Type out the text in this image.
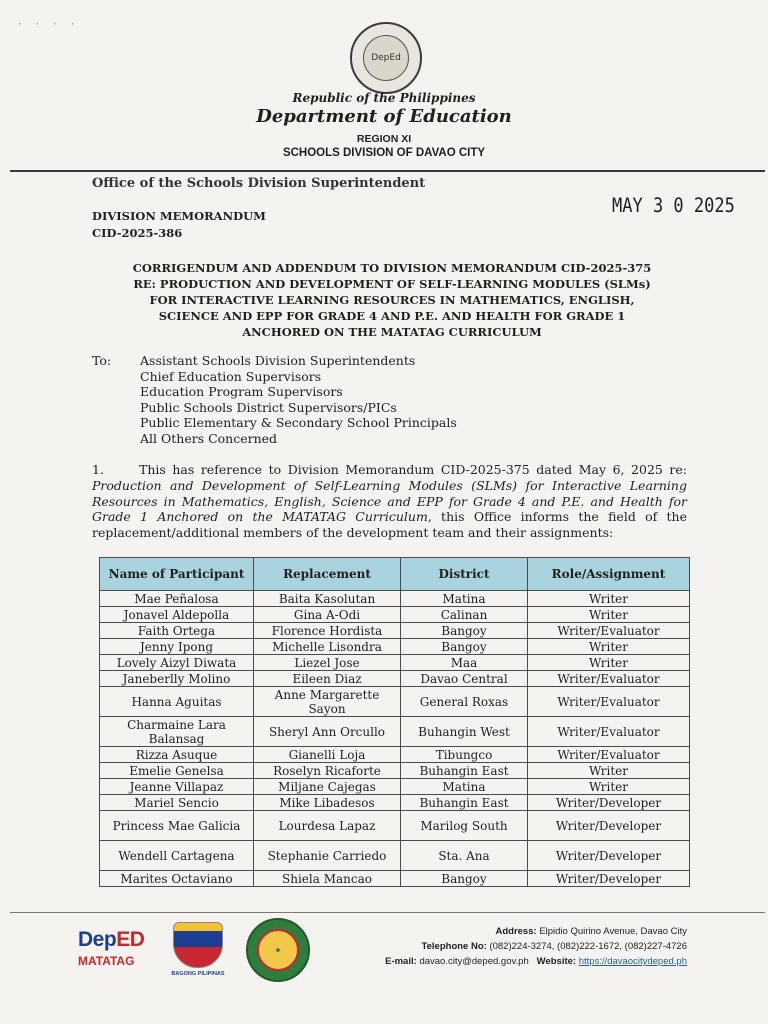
· · · ·
DepEd
Republic of the Philippines
Department of Education
REGION XI
SCHOOLS DIVISION OF DAVAO CITY
Office of the Schools Division Superintendent
MAY 3 0 2025
DIVISION MEMORANDUM
CID-2025-386
CORRIGENDUM AND ADDENDUM TO DIVISION MEMORANDUM CID-2025-375
RE: PRODUCTION AND DEVELOPMENT OF SELF-LEARNING MODULES (SLMs)
FOR INTERACTIVE LEARNING RESOURCES IN MATHEMATICS, ENGLISH,
SCIENCE AND EPP FOR GRADE 4 AND P.E. AND HEALTH FOR GRADE 1
ANCHORED ON THE MATATAG CURRICULUM
To: Assistant Schools Division Superintendents
Chief Education Supervisors
Education Program Supervisors
Public Schools District Supervisors/PICs
Public Elementary & Secondary School Principals
All Others Concerned
1.	This has reference to Division Memorandum CID-2025-375 dated May 6, 2025 re: Production and Development of Self-Learning Modules (SLMs) for Interactive Learning Resources in Mathematics, English, Science and EPP for Grade 4 and P.E. and Health for Grade 1 Anchored on the MATATAG Curriculum, this Office informs the field of the replacement/additional members of the development team and their assignments:
Name of Participant	Replacement	District	Role/Assignment
Mae Peñalosa	Baita Kasolutan	Matina	Writer
Jonavel Aldepolla	Gina A-Odi	Calinan	Writer
Faith Ortega	Florence Hordista	Bangoy	Writer/Evaluator
Jenny Ipong	Michelle Lisondra	Bangoy	Writer
Lovely Aizyl Diwata	Liezel Jose	Maa	Writer
Janeberlly Molino	Eileen Diaz	Davao Central	Writer/Evaluator
Hanna Aguitas	Anne Margarette Sayon	General Roxas	Writer/Evaluator
Charmaine Lara Balansag	Sheryl Ann Orcullo	Buhangin West	Writer/Evaluator
Rizza Asuque	Gianelli Loja	Tibungco	Writer/Evaluator
Emelie Genelsa	Roselyn Ricaforte	Buhangin East	Writer
Jeanne Villapaz	Miljane Cajegas	Matina	Writer
Mariel Sencio	Mike Libadesos	Buhangin East	Writer/Developer
Princess Mae Galicia	Lourdesa Lapaz	Marilog South	Writer/Developer
Wendell Cartagena	Stephanie Carriedo	Sta. Ana	Writer/Developer
Marites Octaviano	Shiela Mancao	Bangoy	Writer/Developer
DepED
MATATAG
BAGONG PILIPINAS
★
Address: Elpidio Quirino Avenue, Davao City
Telephone No: (082)224-3274, (082)222-1672, (082)227-4726
E-mail: davao.city@deped.gov.ph Website: https://davaocitydeped.ph
